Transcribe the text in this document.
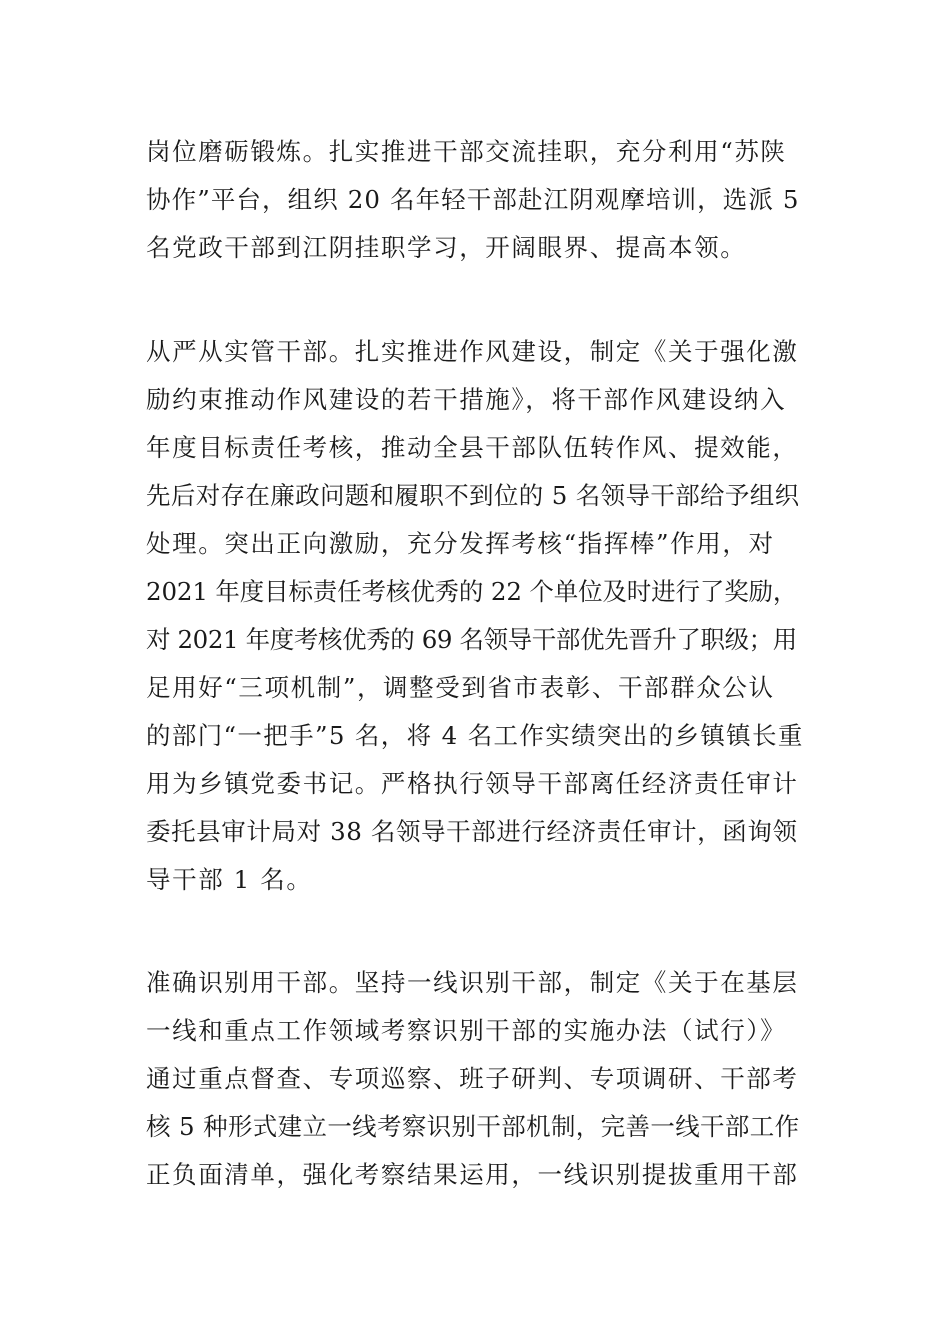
岗位磨砺锻炼。扎实推进干部交流挂职，充分利用“苏陕
协作”平台，组织 20 名年轻干部赴江阴观摩培训，选派 5
名党政干部到江阴挂职学习，开阔眼界、提高本领。
从严从实管干部。扎实推进作风建设，制定《关于强化激
励约束推动作风建设的若干措施》，将干部作风建设纳入
年度目标责任考核，推动全县干部队伍转作风、提效能，
先后对存在廉政问题和履职不到位的 5 名领导干部给予组织
处理。突出正向激励，充分发挥考核“指挥棒”作用，对
2021 年度目标责任考核优秀的 22 个单位及时进行了奖励，
对 2021 年度考核优秀的 69 名领导干部优先晋升了职级；用
足用好“三项机制”，调整受到省市表彰、干部群众公认
的部门“一把手”5 名，将 4 名工作实绩突出的乡镇镇长重
用为乡镇党委书记。严格执行领导干部离任经济责任审计
委托县审计局对 38 名领导干部进行经济责任审计，函询领
导干部 1 名。
准确识别用干部。坚持一线识别干部，制定《关于在基层
一线和重点工作领域考察识别干部的实施办法（试行）》
通过重点督查、专项巡察、班子研判、专项调研、干部考
核 5 种形式建立一线考察识别干部机制，完善一线干部工作
正负面清单，强化考察结果运用，一线识别提拔重用干部
